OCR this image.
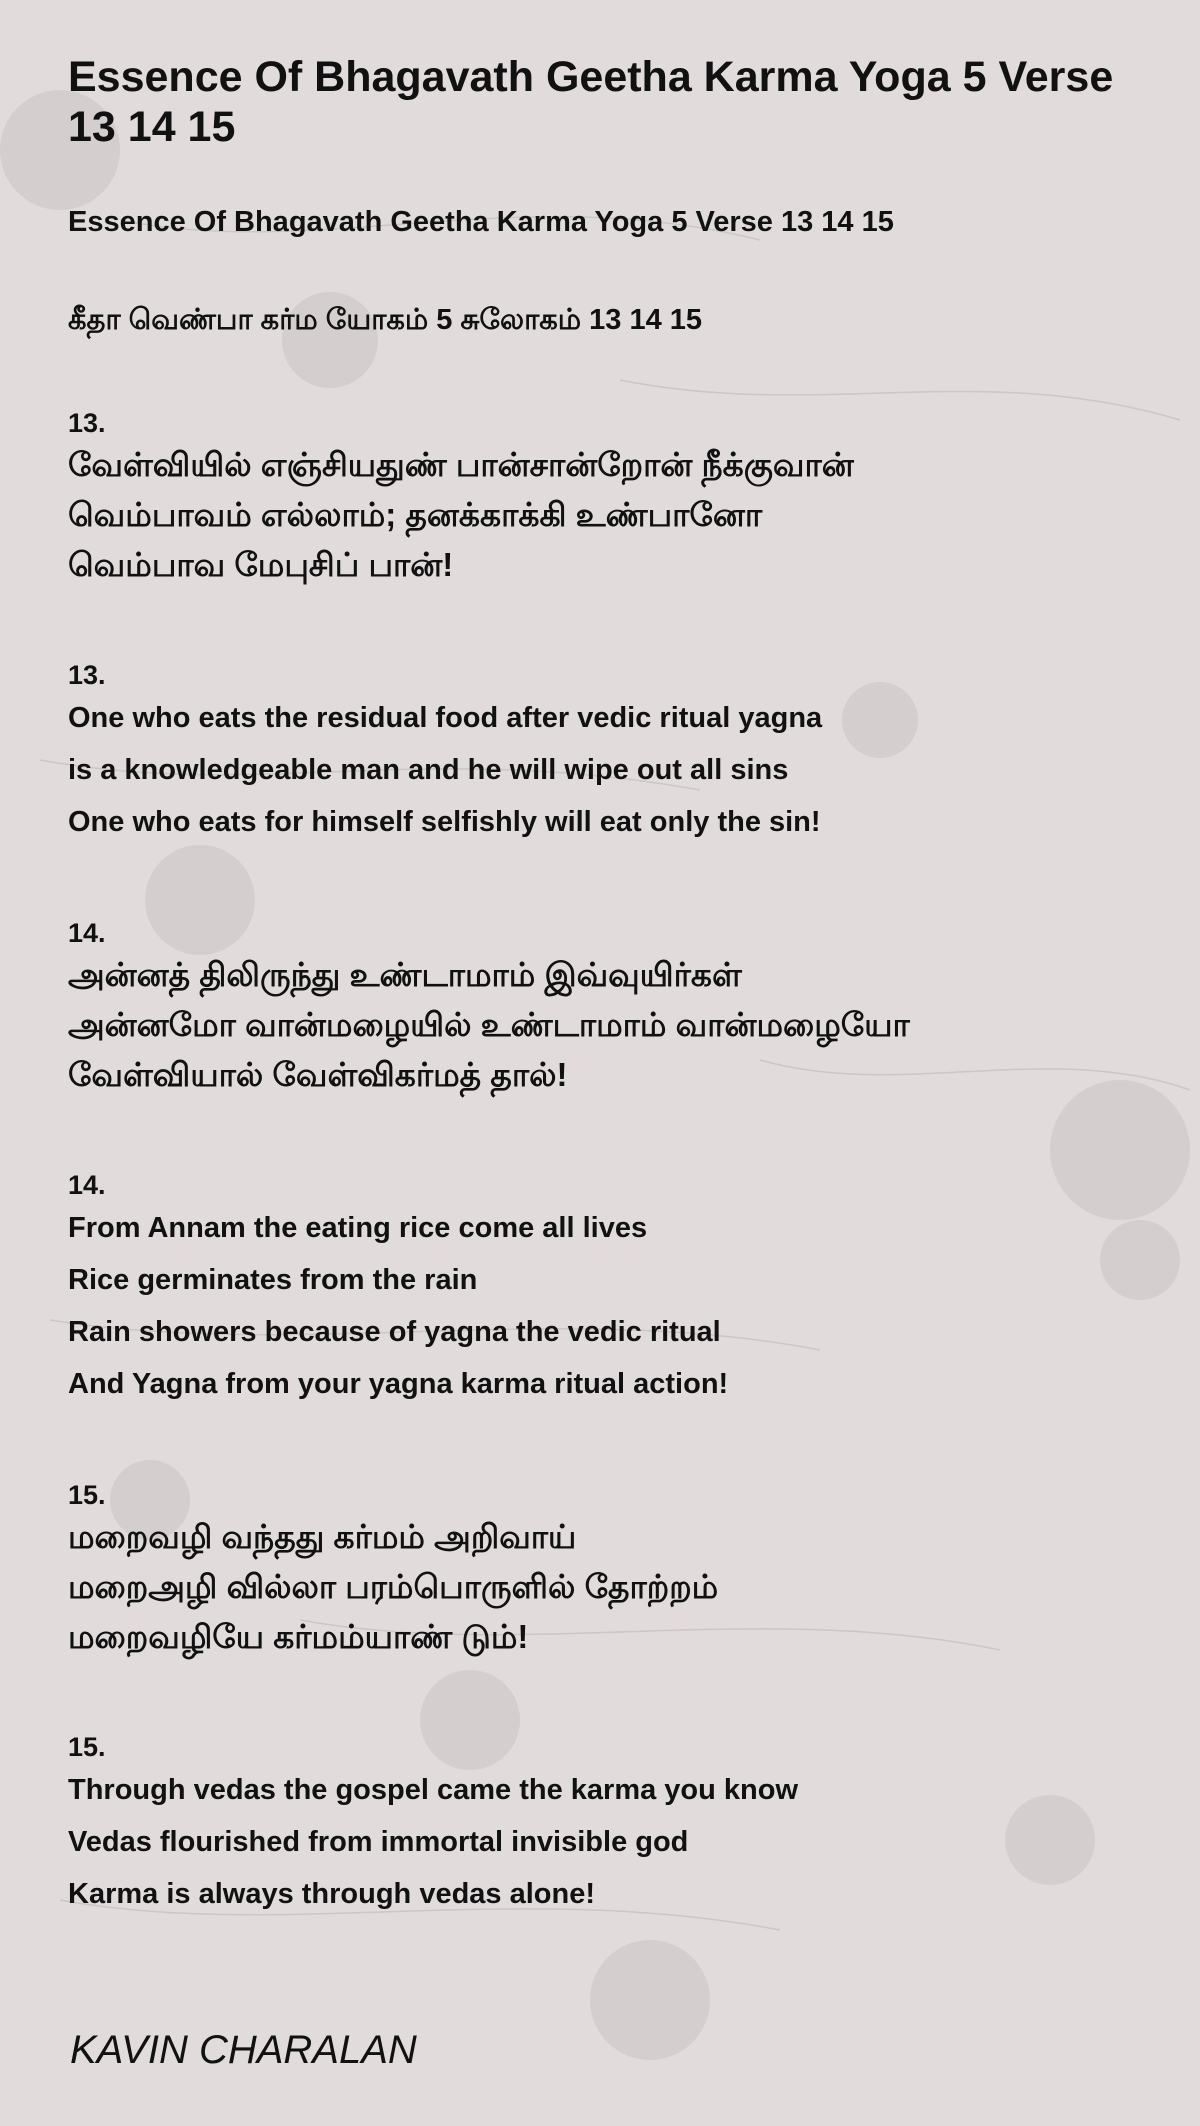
Essence Of Bhagavath Geetha Karma Yoga 5 Verse 13 14 15
Essence Of Bhagavath Geetha Karma Yoga 5 Verse 13 14 15
கீதா வெண்பா கர்ம யோகம் 5 சுலோகம் 13 14 15
13.
வேள்வியில் எஞ்சியதுண் பான்சான்றோன் நீக்குவான்
வெம்பாவம் எல்லாம்; தனக்காக்கி உண்பானோ
வெம்பாவ மேபுசிப் பான்!
13.
One who eats the residual food after vedic ritual yagna
is a knowledgeable man and he will wipe out all sins
One who eats for himself selfishly will eat only the sin!
14.
அன்னத் திலிருந்து உண்டாமாம் இவ்வுயிர்கள்
அன்னமோ வான்மழையில் உண்டாமாம் வான்மழையோ
வேள்வியால் வேள்விகர்மத் தால்!
14.
From Annam the eating rice come all lives
Rice germinates from the rain
Rain showers because of yagna the vedic ritual
And Yagna from your yagna karma ritual action!
15.
மறைவழி வந்தது கர்மம் அறிவாய்
மறைஅழி வில்லா பரம்பொருளில் தோற்றம்
மறைவழியே கர்மம்யாண் டும்!
15.
Through vedas the gospel came the karma you know
Vedas flourished from immortal invisible god
Karma is always through vedas alone!
KAVIN CHARALAN
